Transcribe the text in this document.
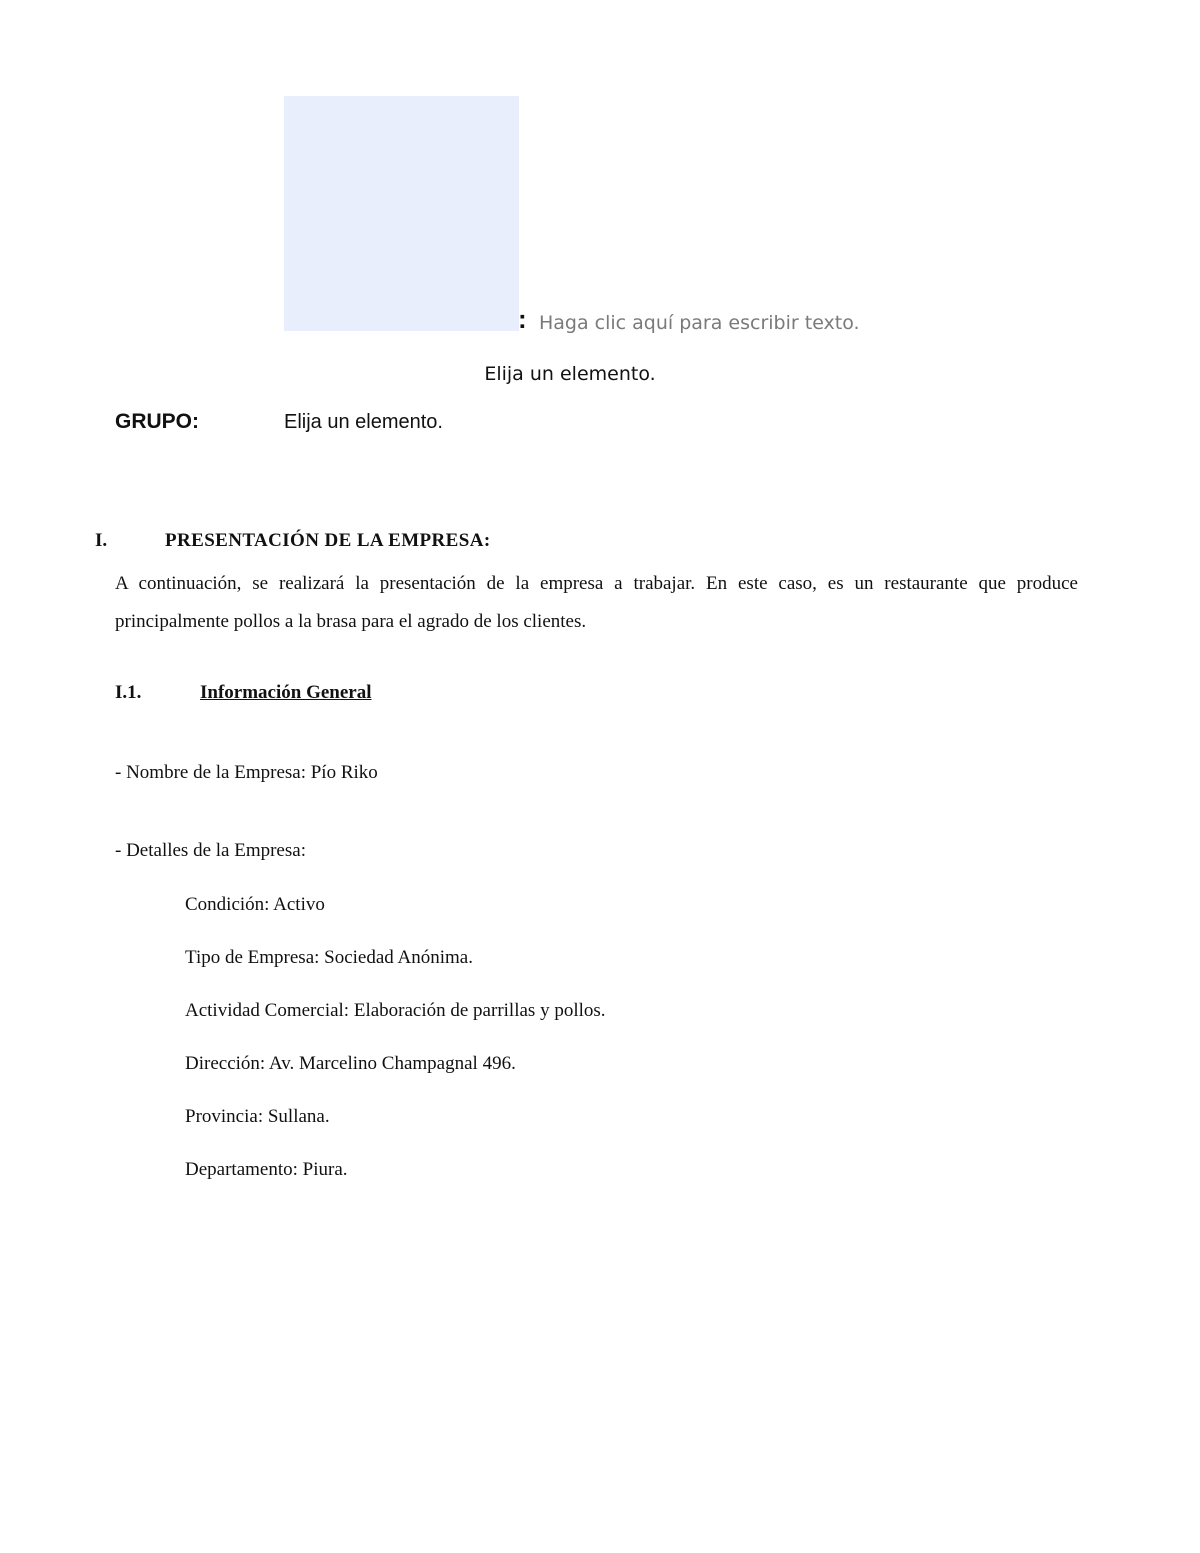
: Haga clic aquí para escribir texto.
Elija un elemento.
GRUPO:	Elija un elemento.
I.	PRESENTACIÓN DE LA EMPRESA:

A continuación, se realizará la presentación de la empresa a trabajar. En este caso, es un restaurante que produce principalmente pollos a la brasa para el agrado de los clientes.

I.1.	Información General
- Nombre de la Empresa: Pío Riko
- Detalles de la Empresa:
Condición: Activo
Tipo de Empresa: Sociedad Anónima.
Actividad Comercial: Elaboración de parrillas y pollos.
Dirección: Av. Marcelino Champagnal 496.
Provincia: Sullana.
Departamento: Piura.
